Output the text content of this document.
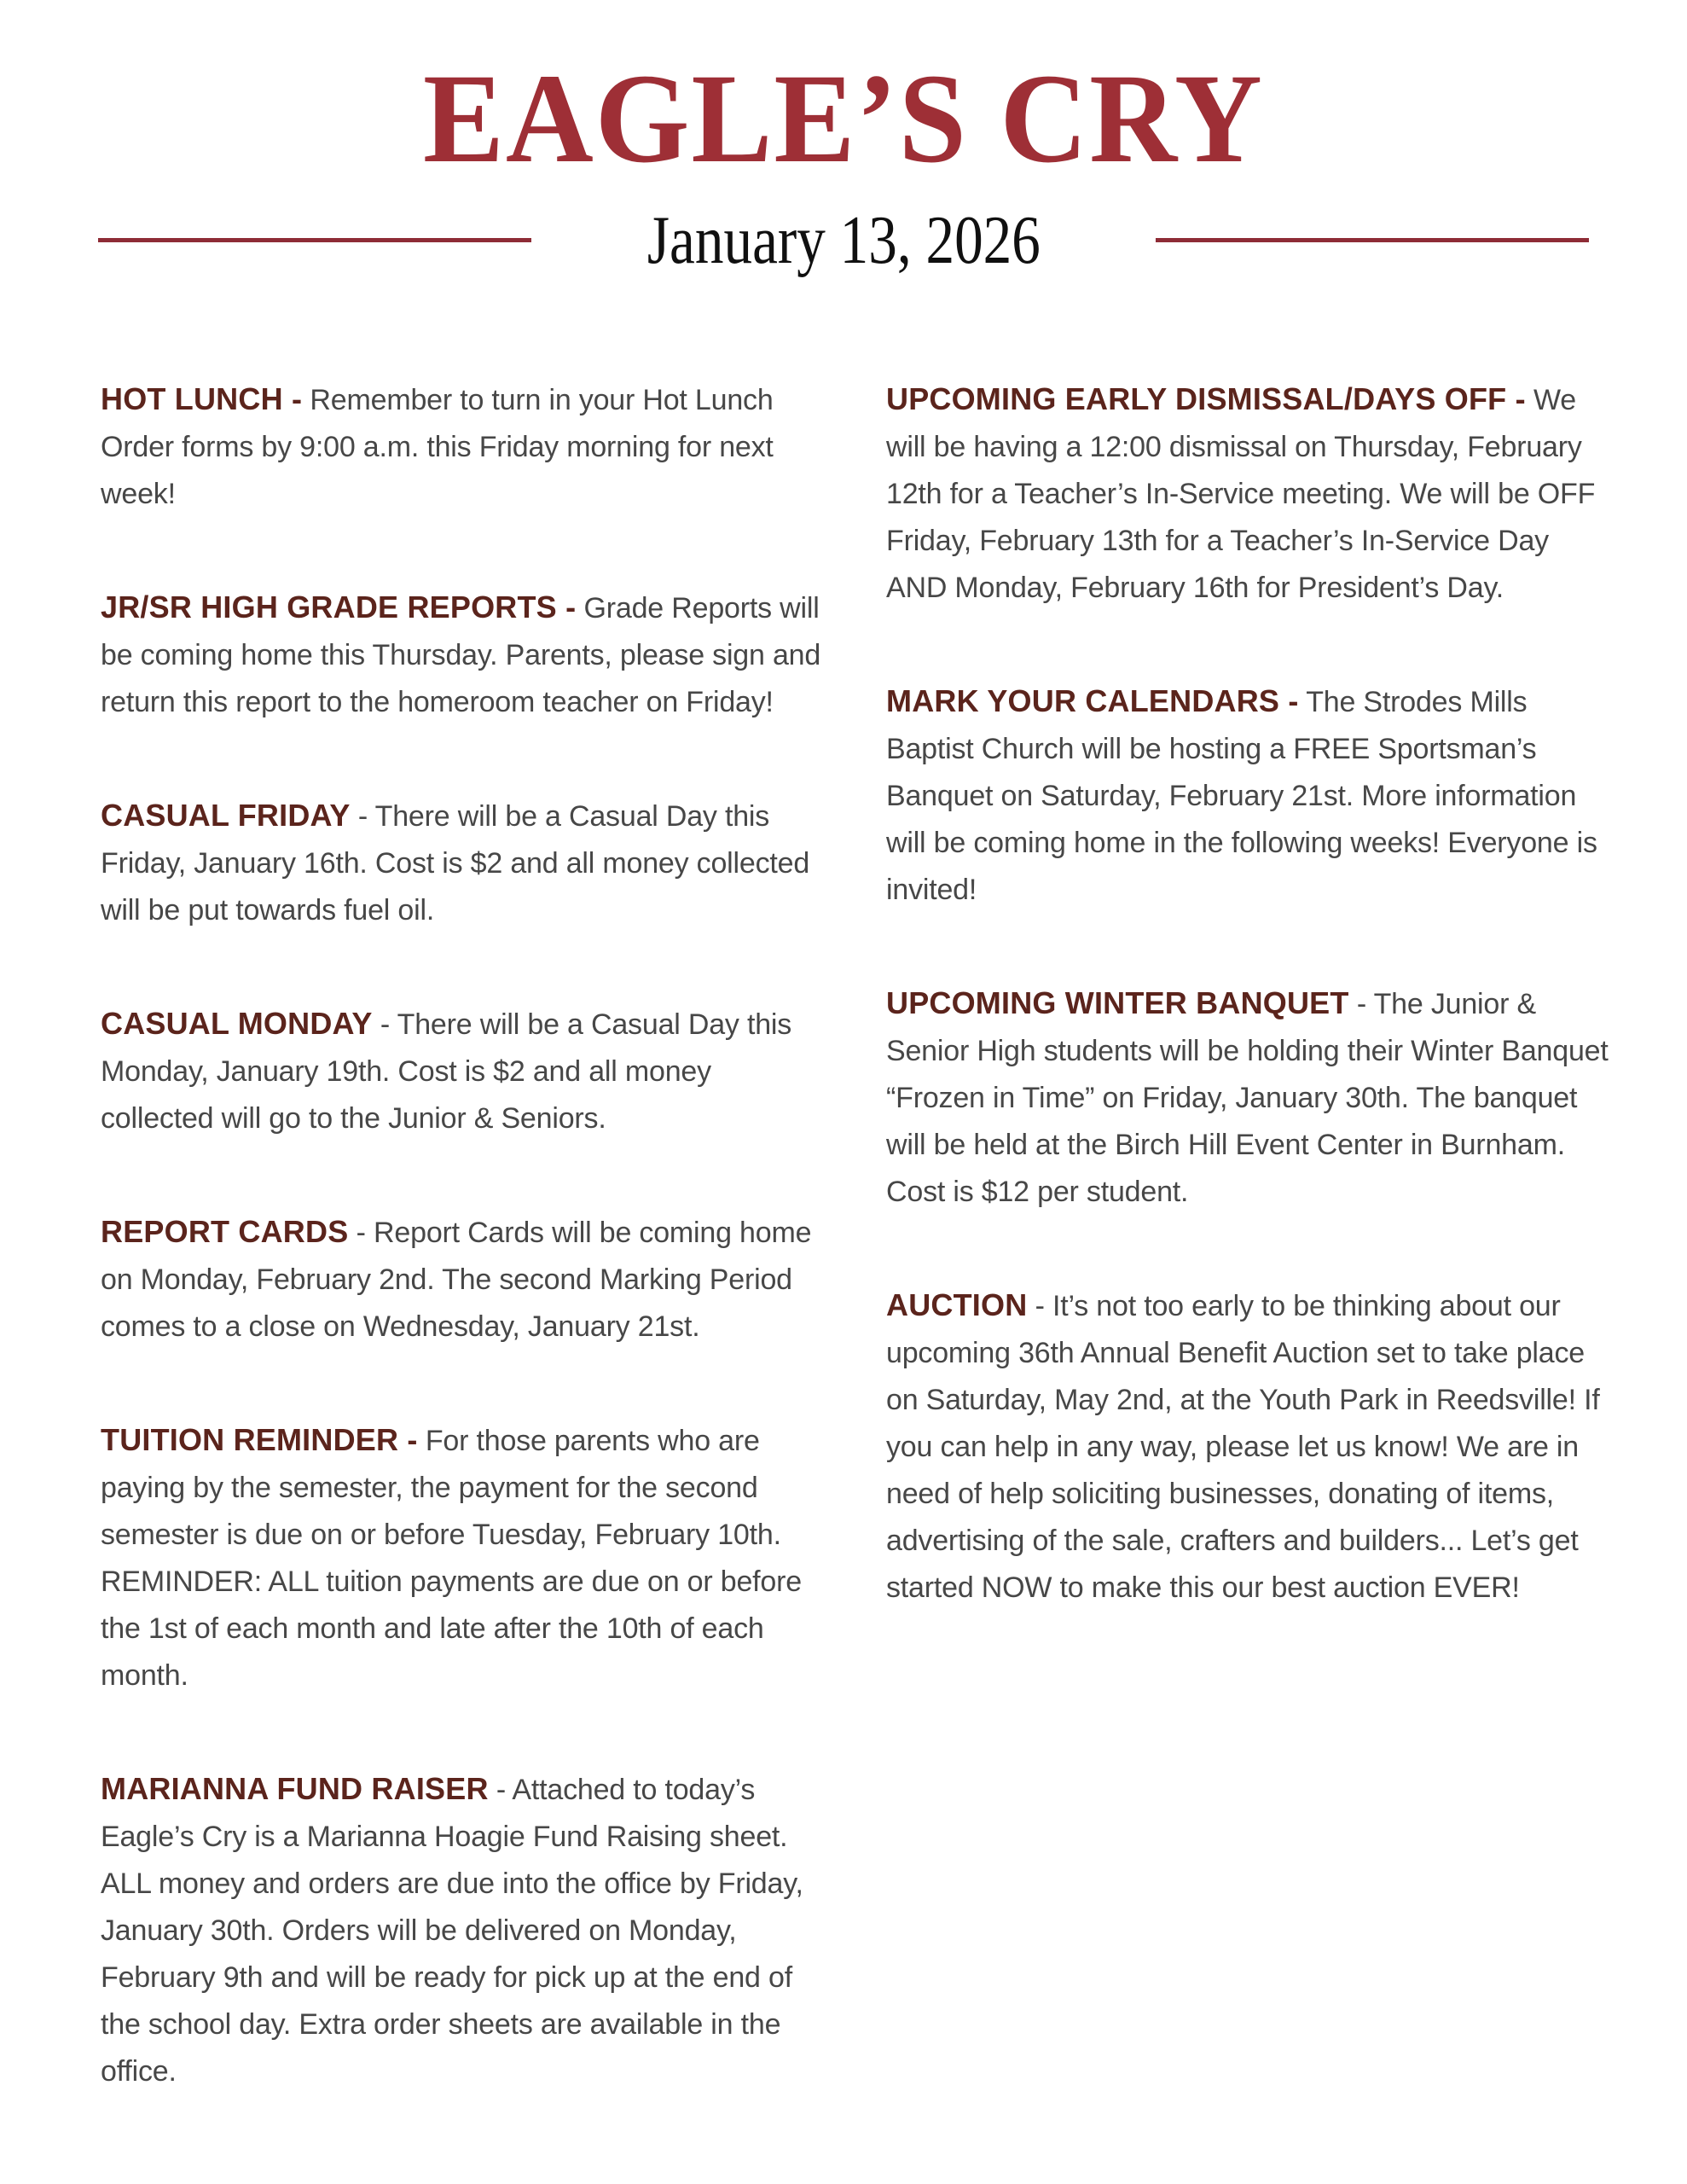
EAGLE’S CRY
January 13, 2026

HOT LUNCH - Remember to turn in your Hot Lunch Order forms by 9:00 a.m. this Friday morning for next week!

JR/SR HIGH GRADE REPORTS - Grade Reports will be coming home this Thursday. Parents, please sign and return this report to the homeroom teacher on Friday!

CASUAL FRIDAY - There will be a Casual Day this Friday, January 16th. Cost is $2 and all money collected will be put towards fuel oil.

CASUAL MONDAY - There will be a Casual Day this Monday, January 19th. Cost is $2 and all money collected will go to the Junior & Seniors.

REPORT CARDS - Report Cards will be coming home on Monday, February 2nd. The second Marking Period comes to a close on Wednesday, January 21st.

TUITION REMINDER - For those parents who are paying by the semester, the payment for the second semester is due on or before Tuesday, February 10th. REMINDER: ALL tuition payments are due on or before the 1st of each month and late after the 10th of each month.

MARIANNA FUND RAISER - Attached to today’s Eagle’s Cry is a Marianna Hoagie Fund Raising sheet. ALL money and orders are due into the office by Friday, January 30th. Orders will be delivered on Monday, February 9th and will be ready for pick up at the end of the school day. Extra order sheets are available in the office.

UPCOMING EARLY DISMISSAL/DAYS OFF - We will be having a 12:00 dismissal on Thursday, February 12th for a Teacher’s In-Service meeting. We will be OFF Friday, February 13th for a Teacher’s In-Service Day AND Monday, February 16th for President’s Day.

MARK YOUR CALENDARS - The Strodes Mills Baptist Church will be hosting a FREE Sportsman’s Banquet on Saturday, February 21st. More information will be coming home in the following weeks! Everyone is invited!

UPCOMING WINTER BANQUET - The Junior & Senior High students will be holding their Winter Banquet “Frozen in Time” on Friday, January 30th. The banquet will be held at the Birch Hill Event Center in Burnham. Cost is $12 per student.

AUCTION - It’s not too early to be thinking about our upcoming 36th Annual Benefit Auction set to take place on Saturday, May 2nd, at the Youth Park in Reedsville! If you can help in any way, please let us know! We are in need of help soliciting businesses, donating of items, advertising of the sale, crafters and builders... Let’s get started NOW to make this our best auction EVER!
